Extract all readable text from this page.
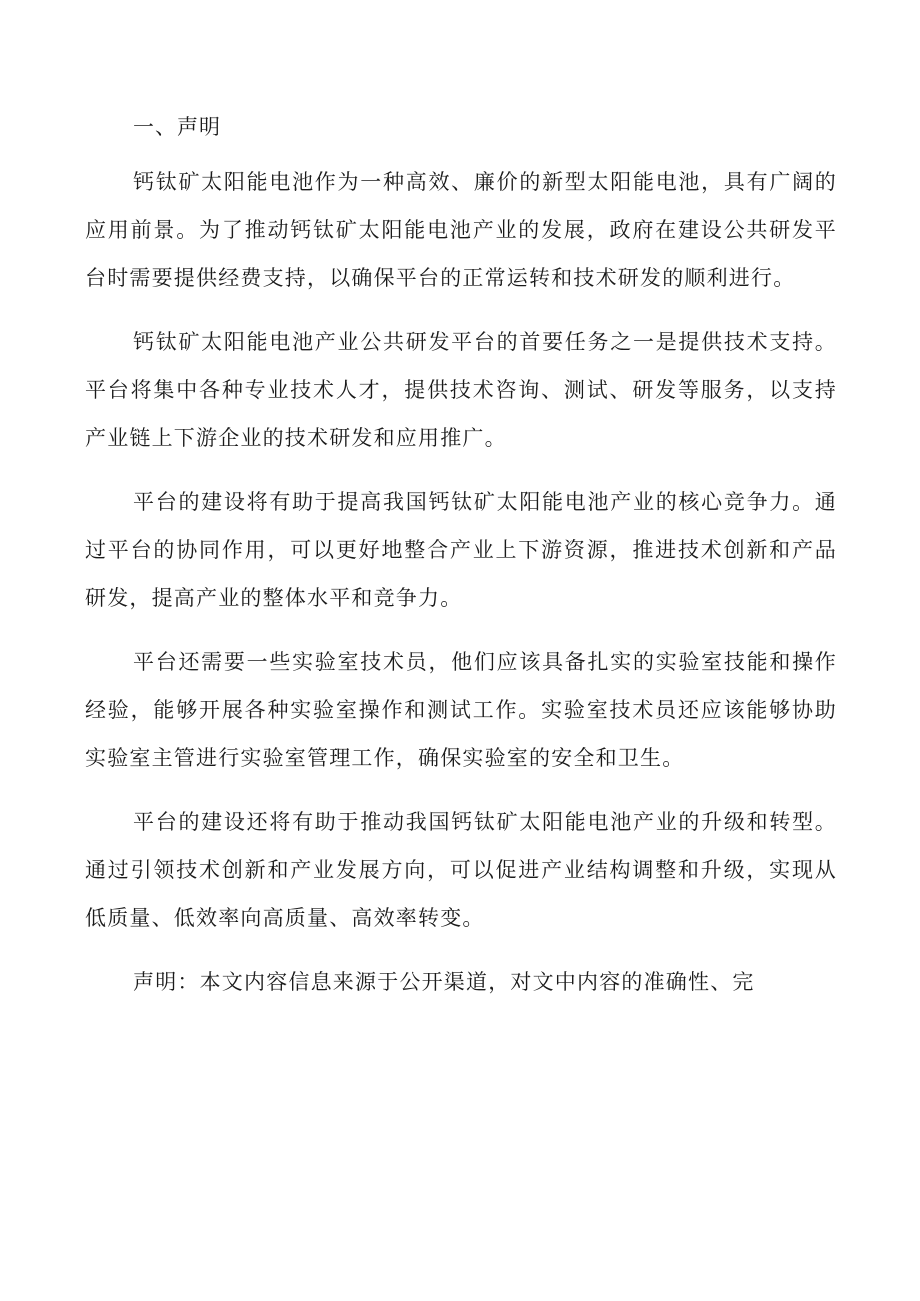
一、声明

钙钛矿太阳能电池作为一种高效、廉价的新型太阳能电池，具有广阔的应用前景。为了推动钙钛矿太阳能电池产业的发展，政府在建设公共研发平台时需要提供经费支持，以确保平台的正常运转和技术研发的顺利进行。

钙钛矿太阳能电池产业公共研发平台的首要任务之一是提供技术支持。平台将集中各种专业技术人才，提供技术咨询、测试、研发等服务，以支持产业链上下游企业的技术研发和应用推广。

平台的建设将有助于提高我国钙钛矿太阳能电池产业的核心竞争力。通过平台的协同作用，可以更好地整合产业上下游资源，推进技术创新和产品研发，提高产业的整体水平和竞争力。

平台还需要一些实验室技术员，他们应该具备扎实的实验室技能和操作经验，能够开展各种实验室操作和测试工作。实验室技术员还应该能够协助实验室主管进行实验室管理工作，确保实验室的安全和卫生。

平台的建设还将有助于推动我国钙钛矿太阳能电池产业的升级和转型。通过引领技术创新和产业发展方向，可以促进产业结构调整和升级，实现从低质量、低效率向高质量、高效率转变。

声明：本文内容信息来源于公开渠道，对文中内容的准确性、完
